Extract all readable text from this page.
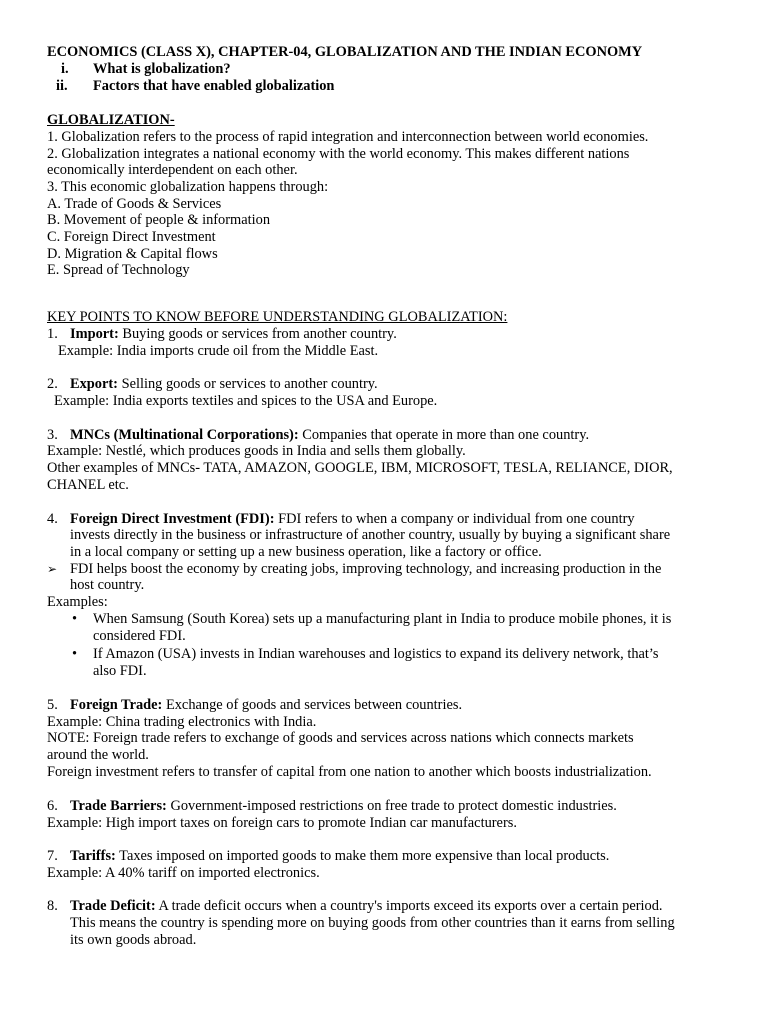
ECONOMICS (CLASS X), CHAPTER-04, GLOBALIZATION AND THE INDIAN ECONOMY
i. What is globalization?
ii. Factors that have enabled globalization
GLOBALIZATION-
1. Globalization refers to the process of rapid integration and interconnection between world economies.
2. Globalization integrates a national economy with the world economy. This makes different nations
economically interdependent on each other.
3. This economic globalization happens through:
A. Trade of Goods & Services
B. Movement of people & information
C. Foreign Direct Investment
D. Migration & Capital flows
E. Spread of Technology
KEY POINTS TO KNOW BEFORE UNDERSTANDING GLOBALIZATION:
1. Import: Buying goods or services from another country.
Example: India imports crude oil from the Middle East.
2. Export: Selling goods or services to another country.
Example: India exports textiles and spices to the USA and Europe.
3. MNCs (Multinational Corporations): Companies that operate in more than one country.
Example: Nestlé, which produces goods in India and sells them globally.
Other examples of MNCs- TATA, AMAZON, GOOGLE, IBM, MICROSOFT, TESLA, RELIANCE, DIOR,
CHANEL etc.
4. Foreign Direct Investment (FDI): FDI refers to when a company or individual from one country
invests directly in the business or infrastructure of another country, usually by buying a significant share
in a local company or setting up a new business operation, like a factory or office.
➢ FDI helps boost the economy by creating jobs, improving technology, and increasing production in the
host country.
Examples:
• When Samsung (South Korea) sets up a manufacturing plant in India to produce mobile phones, it is
considered FDI.
• If Amazon (USA) invests in Indian warehouses and logistics to expand its delivery network, that’s
also FDI.
5. Foreign Trade: Exchange of goods and services between countries.
Example: China trading electronics with India.
NOTE: Foreign trade refers to exchange of goods and services across nations which connects markets
around the world.
Foreign investment refers to transfer of capital from one nation to another which boosts industrialization.
6. Trade Barriers: Government-imposed restrictions on free trade to protect domestic industries.
Example: High import taxes on foreign cars to promote Indian car manufacturers.
7. Tariffs: Taxes imposed on imported goods to make them more expensive than local products.
Example: A 40% tariff on imported electronics.
8. Trade Deficit: A trade deficit occurs when a country's imports exceed its exports over a certain period.
This means the country is spending more on buying goods from other countries than it earns from selling
its own goods abroad.
